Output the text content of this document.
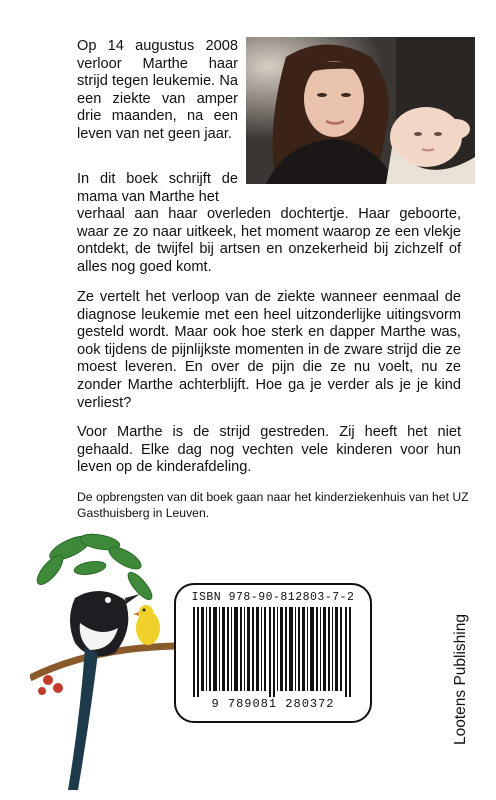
Op 14 augustus 2008 verloor Marthe haar strijd tegen leukemie. Na een ziekte van amper drie maanden, na een leven van net geen jaar.

In dit boek schrijft de mama van Marthe het

verhaal aan haar overleden dochtertje. Haar geboorte, waar ze zo naar uitkeek, het moment waarop ze een vlekje ontdekt, de twijfel bij artsen en onzekerheid bij zichzelf of alles nog goed komt.

Ze vertelt het verloop van de ziekte wanneer eenmaal de diagnose leukemie met een heel uitzonderlijke uitingsvorm gesteld wordt. Maar ook hoe sterk en dapper Marthe was, ook tijdens de pijnlijkste momenten in de zware strijd die ze moest leveren. En over de pijn die ze nu voelt, nu ze zonder Marthe achterblijft. Hoe ga je verder als je je kind verliest?

Voor Marthe is de strijd gestreden. Zij heeft het niet gehaald. Elke dag nog vechten vele kinderen voor hun leven op de kinderafdeling.

De opbrengsten van dit boek gaan naar het kinderziekenhuis van het UZ Gasthuisberg in Leuven.

ISBN 978-90-812803-7-2
9 789081 280372	Lootens Publishing
